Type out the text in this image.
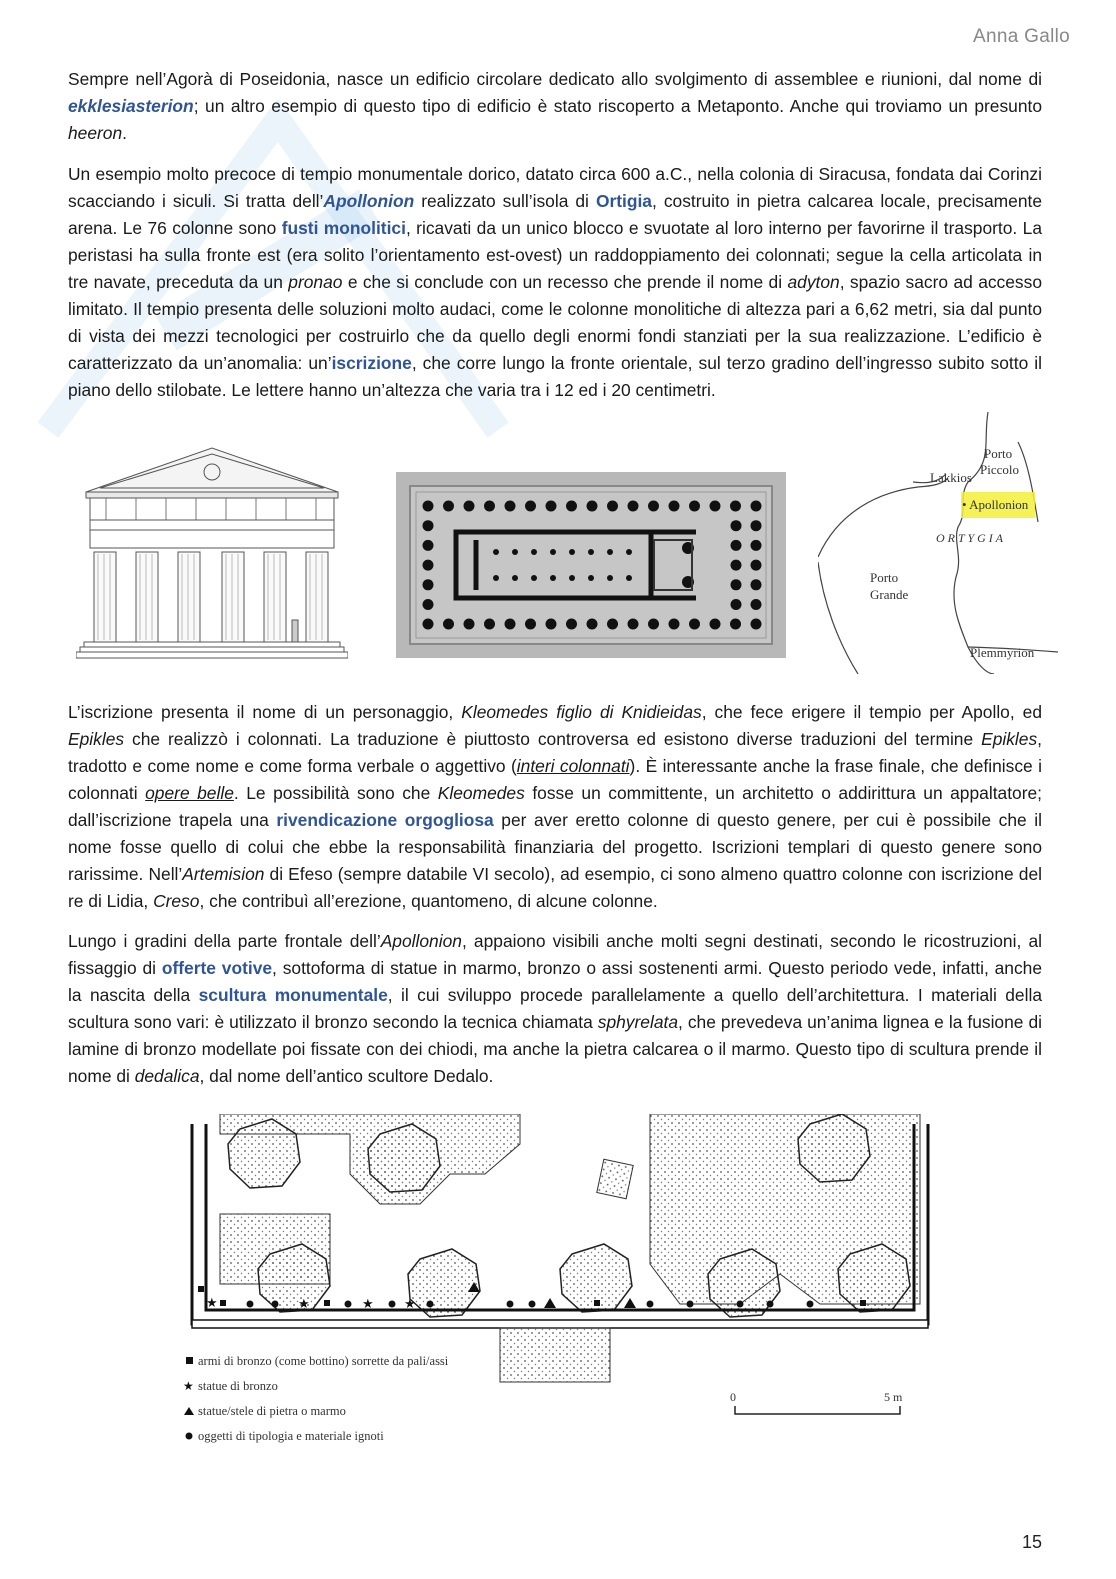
Anna Gallo

Sempre nell’Agorà di Poseidonia, nasce un edificio circolare dedicato allo svolgimento di assemblee e riunioni, dal nome di ekklesiasterion; un altro esempio di questo tipo di edificio è stato riscoperto a Metaponto. Anche qui troviamo un presunto heeron.

Un esempio molto precoce di tempio monumentale dorico, datato circa 600 a.C., nella colonia di Siracusa, fondata dai Corinzi scacciando i siculi. Si tratta dell’Apollonion realizzato sull’isola di Ortigia, costruito in pietra calcarea locale, precisamente arena. Le 76 colonne sono fusti monolitici, ricavati da un unico blocco e svuotate al loro interno per favorirne il trasporto. La peristasi ha sulla fronte est (era solito l’orientamento est-ovest) un raddoppiamento dei colonnati; segue la cella articolata in tre navate, preceduta da un pronao e che si conclude con un recesso che prende il nome di adyton, spazio sacro ad accesso limitato. Il tempio presenta delle soluzioni molto audaci, come le colonne monolitiche di altezza pari a 6,62 metri, sia dal punto di vista dei mezzi tecnologici per costruirlo che da quello degli enormi fondi stanziati per la sua realizzazione. L’edificio è caratterizzato da un’anomalia: un’iscrizione, che corre lungo la fronte orientale, sul terzo gradino dell’ingresso subito sotto il piano dello stilobate. Le lettere hanno un’altezza che varia tra i 12 ed i 20 centimetri.

Porto
Piccolo
Lakkios
• Apollonion
O R T Y G I A
Porto
Grande
Plemmyrion

L’iscrizione presenta il nome di un personaggio, Kleomedes figlio di Knidieidas, che fece erigere il tempio per Apollo, ed Epikles che realizzò i colonnati. La traduzione è piuttosto controversa ed esistono diverse traduzioni del termine Epikles, tradotto e come nome e come forma verbale o aggettivo (interi colonnati). È interessante anche la frase finale, che definisce i colonnati opere belle. Le possibilità sono che Kleomedes fosse un committente, un architetto o addirittura un appaltatore; dall’iscrizione trapela una rivendicazione orgogliosa per aver eretto colonne di questo genere, per cui è possibile che il nome fosse quello di colui che ebbe la responsabilità finanziaria del progetto. Iscrizioni templari di questo genere sono rarissime. Nell’Artemision di Efeso (sempre databile VI secolo), ad esempio, ci sono almeno quattro colonne con iscrizione del re di Lidia, Creso, che contribuì all’erezione, quantomeno, di alcune colonne.

Lungo i gradini della parte frontale dell’Apollonion, appaiono visibili anche molti segni destinati, secondo le ricostruzioni, al fissaggio di offerte votive, sottoforma di statue in marmo, bronzo o assi sostenenti armi. Questo periodo vede, infatti, anche la nascita della scultura monumentale, il cui sviluppo procede parallelamente a quello dell’architettura. I materiali della scultura sono vari: è utilizzato il bronzo secondo la tecnica chiamata sphyrelata, che prevedeva un’anima lignea e la fusione di lamine di bronzo modellate poi fissate con dei chiodi, ma anche la pietra calcarea o il marmo. Questo tipo di scultura prende il nome di dedalica, dal nome dell’antico scultore Dedalo.

★	★	★ ★
armi di bronzo (come bottino) sorrette da pali/assi
★ statue di bronzo
statue/stele di pietra o marmo
oggetti di tipologia e materiale ignoti
0	5 m
15
